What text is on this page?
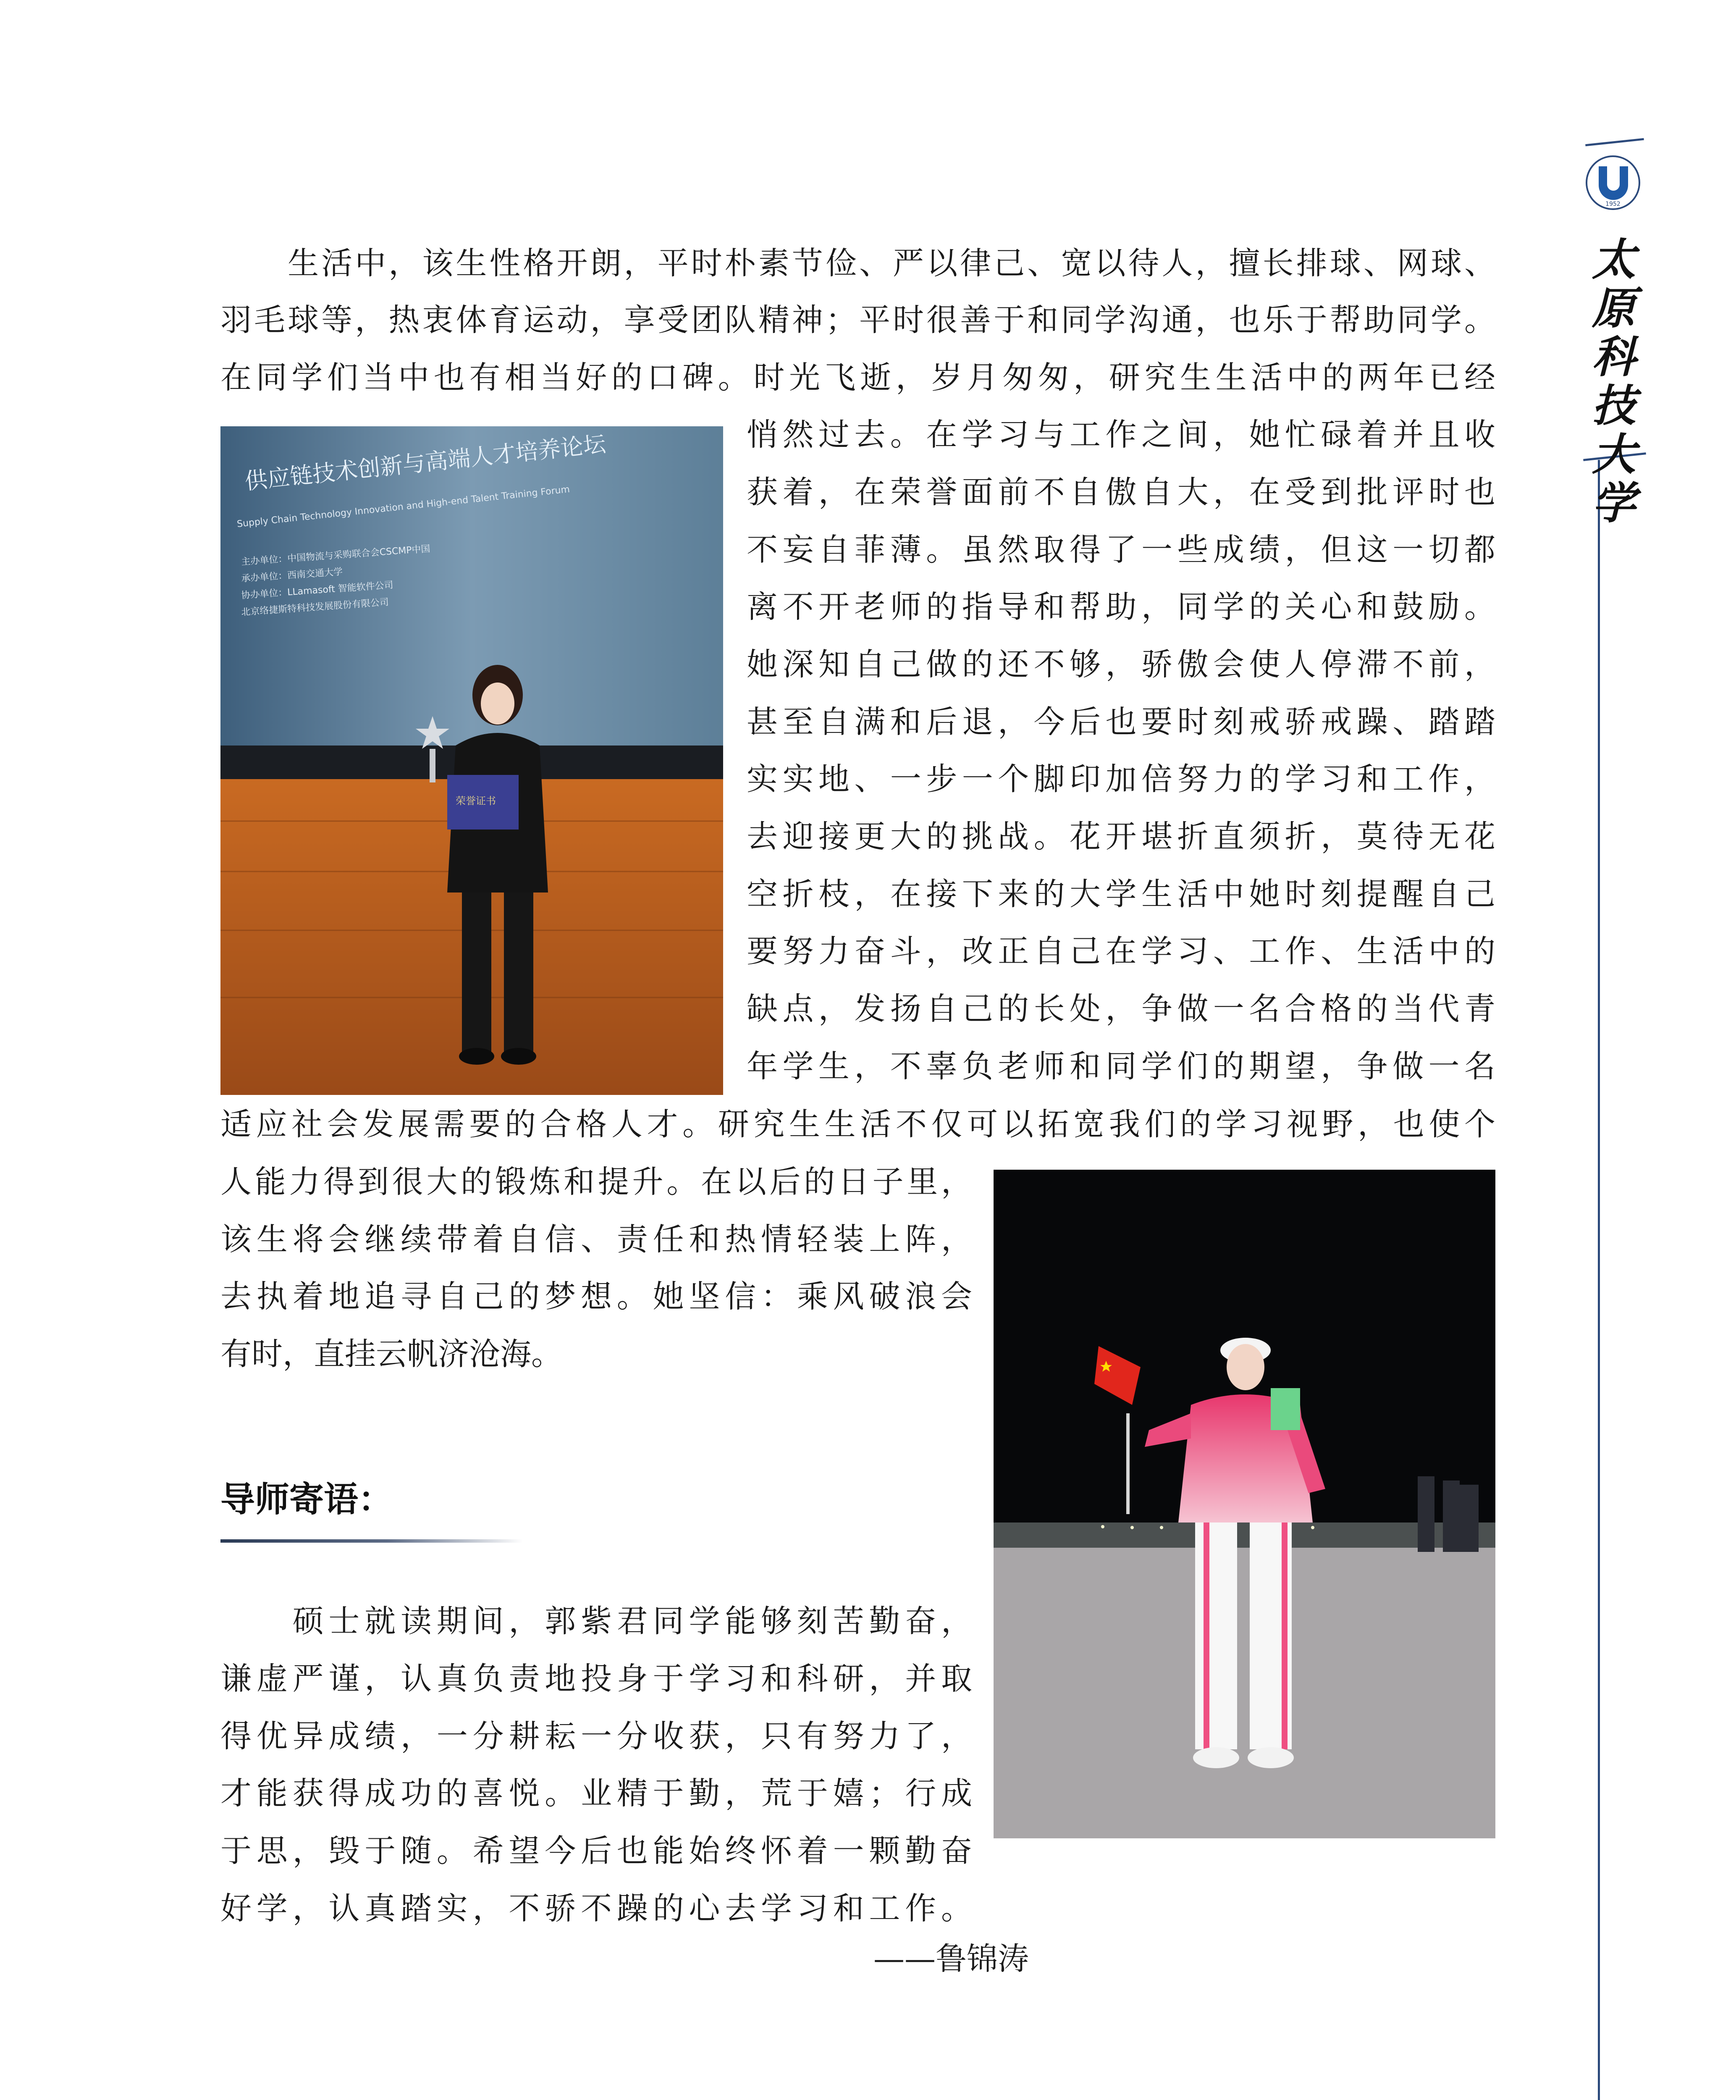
1952
太
原
科
技
大
学
　　生活中，该生性格开朗，平时朴素节俭、严以律己、宽以待人，擅长排球、网球、
羽毛球等，热衷体育运动，享受团队精神；平时很善于和同学沟通，也乐于帮助同学。
在同学们当中也有相当好的口碑。时光飞逝，岁月匆匆，研究生生活中的两年已经
悄然过去。在学习与工作之间，她忙碌着并且收
获着，在荣誉面前不自傲自大，在受到批评时也
不妄自菲薄。虽然取得了一些成绩，但这一切都
离不开老师的指导和帮助，同学的关心和鼓励。
她深知自己做的还不够，骄傲会使人停滞不前，
甚至自满和后退，今后也要时刻戒骄戒躁、踏踏
实实地、一步一个脚印加倍努力的学习和工作，
去迎接更大的挑战。花开堪折直须折，莫待无花
空折枝，在接下来的大学生活中她时刻提醒自己
要努力奋斗，改正自己在学习、工作、生活中的
缺点，发扬自己的长处，争做一名合格的当代青
年学生，不辜负老师和同学们的期望，争做一名
适应社会发展需要的合格人才。研究生生活不仅可以拓宽我们的学习视野，也使个
人能力得到很大的锻炼和提升。在以后的日子里，
该生将会继续带着自信、责任和热情轻装上阵，
去执着地追寻自己的梦想。她坚信：乘风破浪会
有时，直挂云帆济沧海。
供应链技术创新与高端人才培养论坛
Supply Chain Technology Innovation and High-end Talent Training Forum
主办单位：中国物流与采购联合会CSCMP中国
承办单位：西南交通大学
协办单位：LLamasoft 智能软件公司
北京络捷斯特科技发展股份有限公司
荣誉证书
导师寄语：
　　硕士就读期间，郭紫君同学能够刻苦勤奋，
谦虚严谨，认真负责地投身于学习和科研，并取
得优异成绩，一分耕耘一分收获，只有努力了，
才能获得成功的喜悦。业精于勤，荒于嬉；行成
于思，毁于随。希望今后也能始终怀着一颗勤奋
好学，认真踏实，不骄不躁的心去学习和工作。
——鲁锦涛
